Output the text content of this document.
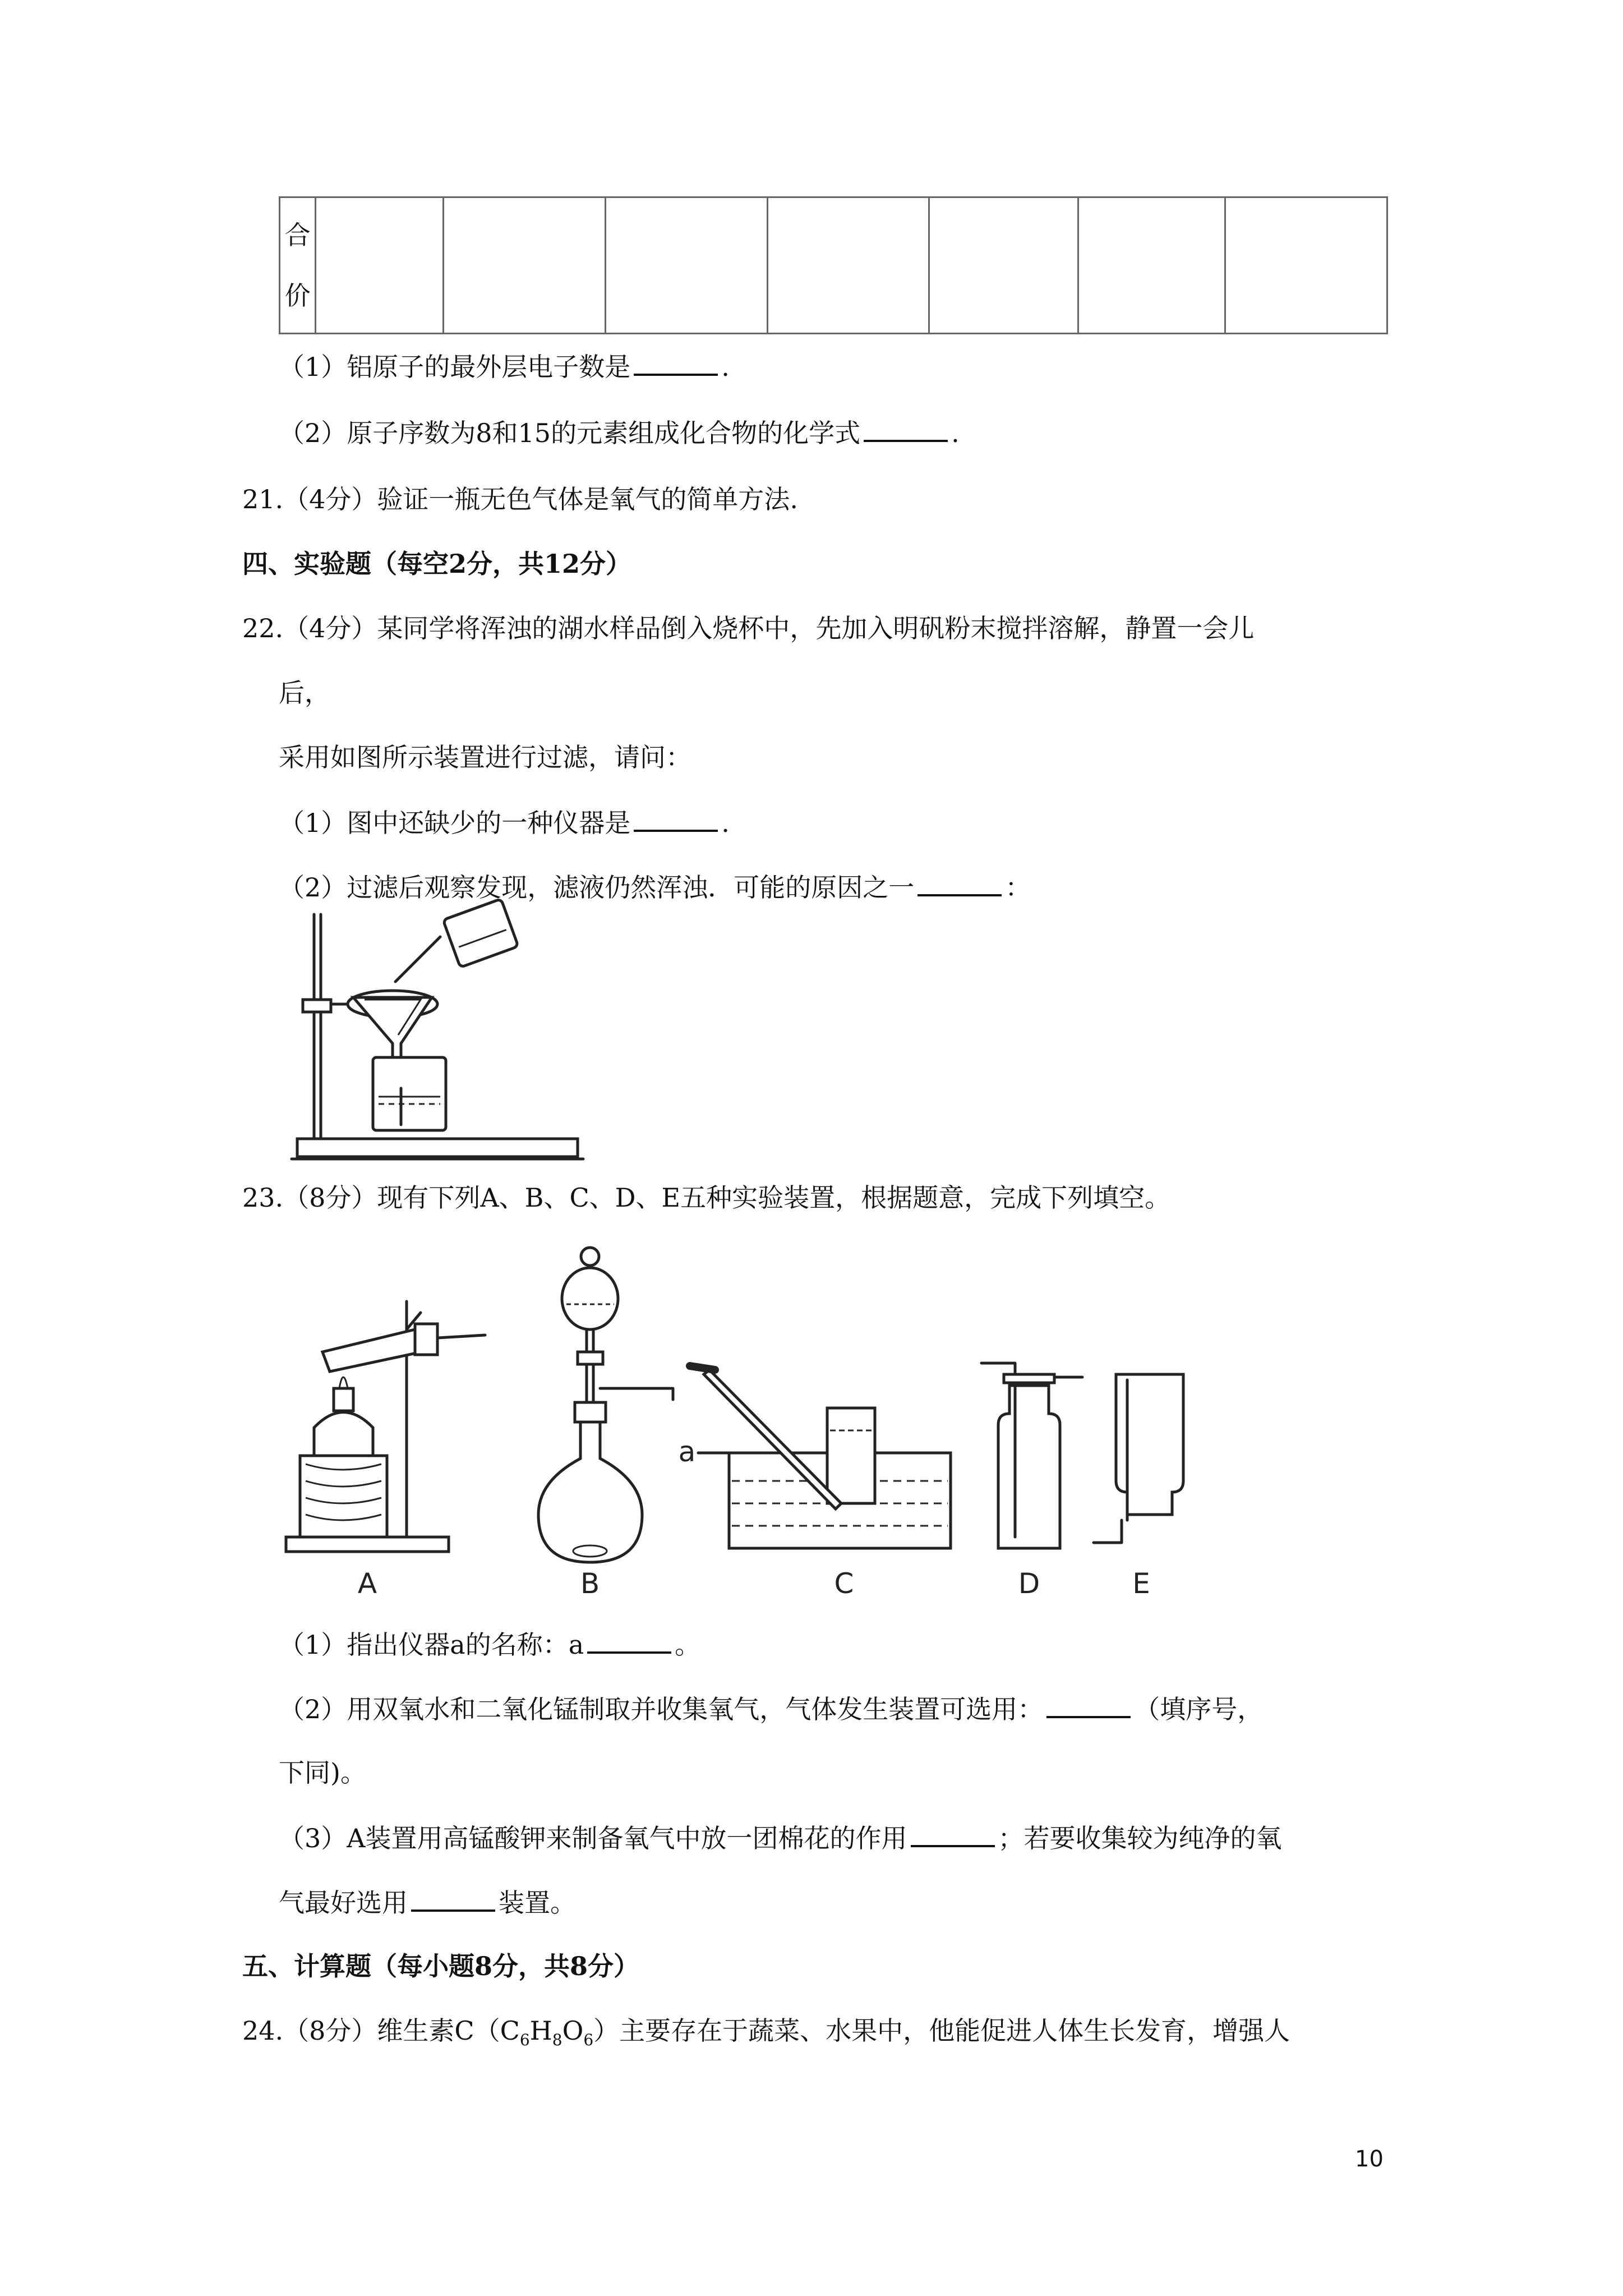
合
价

（1）铝原子的最外层电子数是	.
（2）原子序数为8和15的元素组成化合物的化学式	.
21.（4分）验证一瓶无色气体是氧气的简单方法.
四、实验题（每空2分，共12分）
22.（4分）某同学将浑浊的湖水样品倒入烧杯中，先加入明矾粉末搅拌溶解，静置一会儿
后，
采用如图所示装置进行过滤，请问：
（1）图中还缺少的一种仪器是	.
（2）过滤后观察发现，滤液仍然浑浊．可能的原因之一	：
23.（8分）现有下列A、B、C、D、E五种实验装置，根据题意，完成下列填空。
A	B
a
C	D	E
（1）指出仪器a的名称：a	。
（2）用双氧水和二氧化锰制取并收集氧气，气体发生装置可选用：	（填序号，
下同)。
（3）A装置用高锰酸钾来制备氧气中放一团棉花的作用	；若要收集较为纯净的氧
气最好选用	装置。
五、计算题（每小题8分，共8分）
24.（8分）维生素$C(C_6H_8O_6)$主要存在于蔬菜、水果中，他能促进人体生长发育，增强人
10
